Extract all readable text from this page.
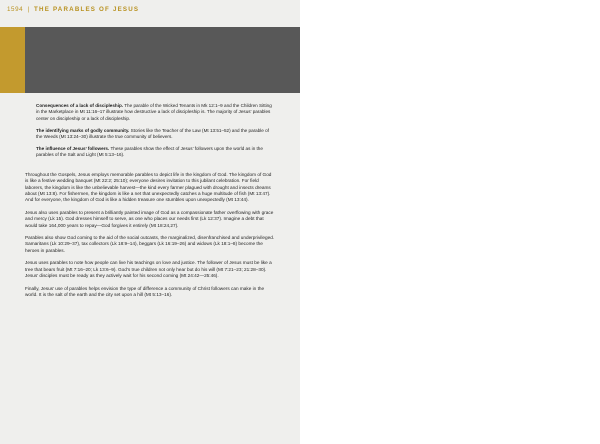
1594 | THE PARABLES OF JESUS

Consequences of a lack of discipleship. The parable of the Wicked Tenants in Mk 12:1–9 and the Children Sitting in the Marketplace in Mt 11:16–17 illustrate how destructive a lack of discipleship is. The majority of Jesus’ parables center on discipleship or a lack of discipleship.

The identifying marks of godly community. Stories like the Teacher of the Law (Mt 13:51–52) and the parable of the Weeds (Mt 13:24–30) illustrate the true community of believers.

The influence of Jesus’ followers. These parables show the effect of Jesus’ followers upon the world as in the parables of the Salt and Light (Mt 5:13–16).

Throughout the Gospels, Jesus employs memorable parables to depict life in the kingdom of God. The kingdom of God is like a festive wedding banquet (Mt 22:2; 25:10); everyone desires invitation to this jubilant celebration. For field laborers, the kingdom is like the unbelievable harvest—the kind every farmer plagued with drought and insects dreams about (Mt 13:8). For fishermen, the kingdom is like a net that unexpectedly catches a huge multitude of fish (Mt 13:47). And for everyone, the kingdom of God is like a hidden treasure one stumbles upon unexpectedly (Mt 13:44).

Jesus also uses parables to present a brilliantly painted image of God as a compassionate father overflowing with grace and mercy (Lk 15). God dresses himself to serve, as one who places our needs first (Lk 12:37). Imagine a debt that would take 164,000 years to repay—God forgives it entirely (Mt 18:24,27).

Parables also show God coming to the aid of the social outcasts, the marginalized, disenfranchised and underprivileged. Samaritans (Lk 10:29–37), tax collectors (Lk 18:9–14), beggars (Lk 16:19–26) and widows (Lk 18:1–8) become the heroes in parables.

Jesus uses parables to note how people can live his teachings on love and justice. The follower of Jesus must be like a tree that bears fruit (Mt 7:16–20; Lk 13:6–9). God’s true children not only hear but do his will (Mt 7:21–23; 21:28–30). Jesus’ disciples must be ready as they actively wait for his second coming (Mt 24:42—25:46).

Finally, Jesus’ use of parables helps envision the type of difference a community of Christ followers can make in the world. It is the salt of the earth and the city set upon a hill (Mt 5:13–16).
